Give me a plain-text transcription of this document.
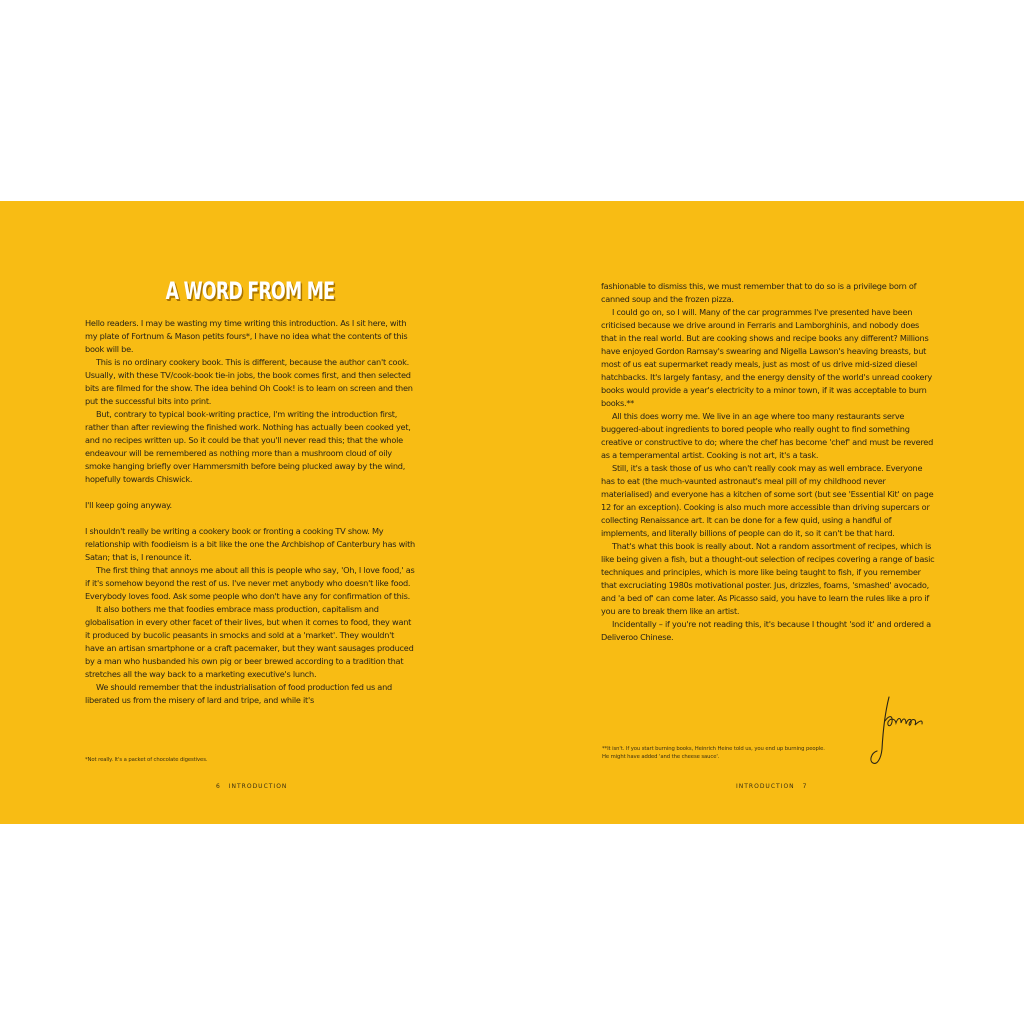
A WORD FROM ME

Hello readers. I may be wasting my time writing this introduction. As I sit here, with my plate of Fortnum & Mason petits fours*, I have no idea what the contents of this book will be.

This is no ordinary cookery book. This is different, because the author can't cook. Usually, with these TV/cook-book tie-in jobs, the book comes first, and then selected bits are filmed for the show. The idea behind Oh Cook! is to learn on screen and then put the successful bits into print.

But, contrary to typical book-writing practice, I'm writing the introduction first, rather than after reviewing the finished work. Nothing has actually been cooked yet, and no recipes written up. So it could be that you'll never read this; that the whole endeavour will be remembered as nothing more than a mushroom cloud of oily smoke hanging briefly over Hammersmith before being plucked away by the wind, hopefully towards Chiswick.

I'll keep going anyway.

I shouldn't really be writing a cookery book or fronting a cooking TV show. My relationship with foodieism is a bit like the one the Archbishop of Canterbury has with Satan; that is, I renounce it.

The first thing that annoys me about all this is people who say, 'Oh, I love food,' as if it's somehow beyond the rest of us. I've never met anybody who doesn't like food. Everybody loves food. Ask some people who don't have any for confirmation of this.

It also bothers me that foodies embrace mass production, capitalism and globalisation in every other facet of their lives, but when it comes to food, they want it produced by bucolic peasants in smocks and sold at a 'market'. They wouldn't have an artisan smartphone or a craft pacemaker, but they want sausages produced by a man who husbanded his own pig or beer brewed according to a tradition that stretches all the way back to a marketing executive's lunch.

We should remember that the industrialisation of food production fed us and liberated us from the misery of lard and tripe, and while it's

*Not really. It's a packet of chocolate digestives.
6 INTRODUCTION

fashionable to dismiss this, we must remember that to do so is a privilege born of canned soup and the frozen pizza.

I could go on, so I will. Many of the car programmes I've presented have been criticised because we drive around in Ferraris and Lamborghinis, and nobody does that in the real world. But are cooking shows and recipe books any different? Millions have enjoyed Gordon Ramsay's swearing and Nigella Lawson's heaving breasts, but most of us eat supermarket ready meals, just as most of us drive mid-sized diesel hatchbacks. It's largely fantasy, and the energy density of the world's unread cookery books would provide a year's electricity to a minor town, if it was acceptable to burn books.**

All this does worry me. We live in an age where too many restaurants serve buggered-about ingredients to bored people who really ought to find something creative or constructive to do; where the chef has become 'chef' and must be revered as a temperamental artist. Cooking is not art, it's a task.

Still, it's a task those of us who can't really cook may as well embrace. Everyone has to eat (the much-vaunted astronaut's meal pill of my childhood never materialised) and everyone has a kitchen of some sort (but see 'Essential Kit' on page 12 for an exception). Cooking is also much more accessible than driving supercars or collecting Renaissance art. It can be done for a few quid, using a handful of implements, and literally billions of people can do it, so it can't be that hard.

That's what this book is really about. Not a random assortment of recipes, which is like being given a fish, but a thought-out selection of recipes covering a range of basic techniques and principles, which is more like being taught to fish, if you remember that excruciating 1980s motivational poster. Jus, drizzles, foams, 'smashed' avocado, and 'a bed of' can come later. As Picasso said, you have to learn the rules like a pro if you are to break them like an artist.

Incidentally – if you're not reading this, it's because I thought 'sod it' and ordered a Deliveroo Chinese.

**It isn't. If you start burning books, Heinrich Heine told us, you end up burning people. He might have added 'and the cheese sauce'.
INTRODUCTION 7
